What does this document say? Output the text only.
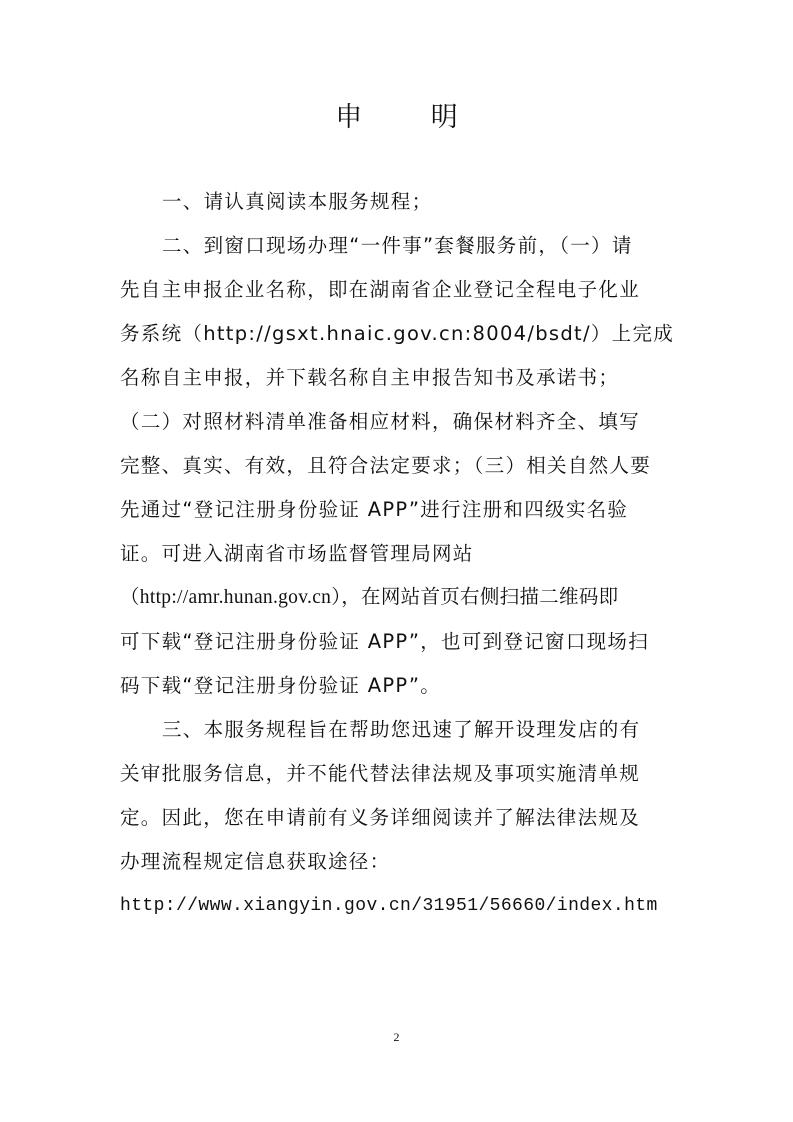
申 明
一、请认真阅读本服务规程；
二、到窗口现场办理“一件事”套餐服务前，（一）请
先自主申报企业名称，即在湖南省企业登记全程电子化业
务系统（http://gsxt.hnaic.gov.cn:8004/bsdt/）上完成
名称自主申报，并下载名称自主申报告知书及承诺书；
（二）对照材料清单准备相应材料，确保材料齐全、填写
完整、真实、有效，且符合法定要求；（三）相关自然人要
先通过“登记注册身份验证 APP”进行注册和四级实名验
证。可进入湖南省市场监督管理局网站
（http://amr.hunan.gov.cn），在网站首页右侧扫描二维码即
可下载“登记注册身份验证 APP”，也可到登记窗口现场扫
码下载“登记注册身份验证 APP”。
三、本服务规程旨在帮助您迅速了解开设理发店的有
关审批服务信息，并不能代替法律法规及事项实施清单规
定。因此，您在申请前有义务详细阅读并了解法律法规及
办理流程规定信息获取途径：
http://www.xiangyin.gov.cn/31951/56660/index.htm
2
